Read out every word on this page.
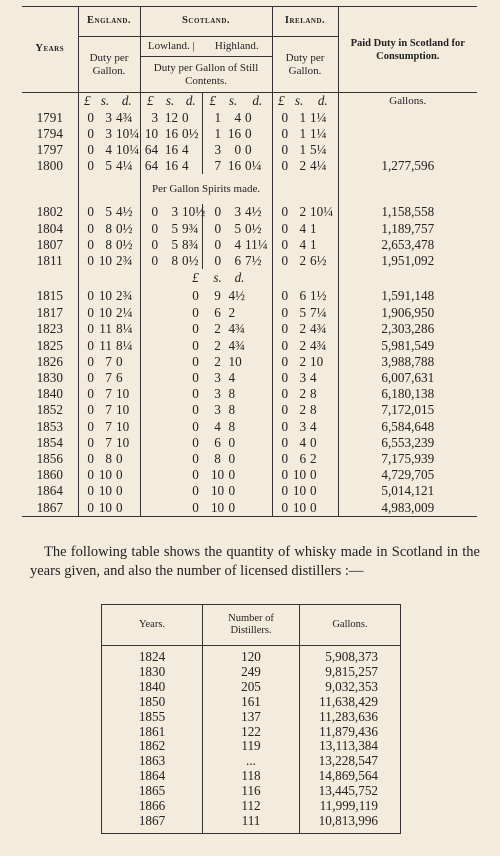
Years	England.			Scotland.						Ireland.			Paid Duty in Scotland for Consumption.
	Duty per Gallon.			Lowland. |			Highland.			Duty per Gallon.			
				Duty per Gallon of Still Contents.									
	£	s.	d.	£	s.	d.	£	s.	d.	£	s.	d.	Gallons.
1791	0	3	4¾	3	12	0	1	4	0	0	1	1¼	
1794	0	3	10¼	10	16	0½	1	16	0	0	1	1¼	
1797	0	4	10¼	64	16	4	3	0	0	0	1	5¼	
1800	0	5	4¼	64	16	4	7	16	0¼	0	2	4¼	1,277,596
				Per Gallon Spirits made.									
1802	0	5	4½	0	3	10½	0	3	4½	0	2	10¼	1,158,558
1804	0	8	0½	0	5	9¾	0	5	0½	0	4	1	1,189,757
1807	0	8	0½	0	5	8¾	0	4	11¼	0	4	1	2,653,478
1811	0	10	2¾	0	8	0½	0	6	7½	0	2	6½	1,951,092
				£ s. d.									
1815	0	10	2¾	0 9 4½						0	6	1½	1,591,148
1817	0	10	2¼	0 6 2						0	5	7¼	1,906,950
1823	0	11	8¼	0 2 4¾						0	2	4¾	2,303,286
1825	0	11	8¼	0 2 4¾						0	2	4¾	5,981,549
1826	0	7	0	0 2 10						0	2	10	3,988,788
1830	0	7	6	0 3 4						0	3	4	6,007,631
1840	0	7	10	0 3 8						0	2	8	6,180,138
1852	0	7	10	0 3 8						0	2	8	7,172,015
1853	0	7	10	0 4 8						0	3	4	6,584,648
1854	0	7	10	0 6 0						0	4	0	6,553,239
1856	0	8	0	0 8 0						0	6	2	7,175,939
1860	0	10	0	0 10 0						0	10	0	4,729,705
1864	0	10	0	0 10 0						0	10	0	5,014,121
1867	0	10	0	0 10 0						0	10	0	4,983,009

The following table shows the quantity of whisky made in Scotland in the years given, and also the number of licensed distillers :—

Years.	Number of Distillers.	Gallons.
1824	120	5,908,373
1830	249	9,815,257
1840	205	9,032,353
1850	161	11,638,429
1855	137	11,283,636
1861	122	11,879,436
1862	119	13,113,384
1863	...	13,228,547
1864	118	14,869,564
1865	116	13,445,752
1866	112	11,999,119
1867	111	10,813,996
